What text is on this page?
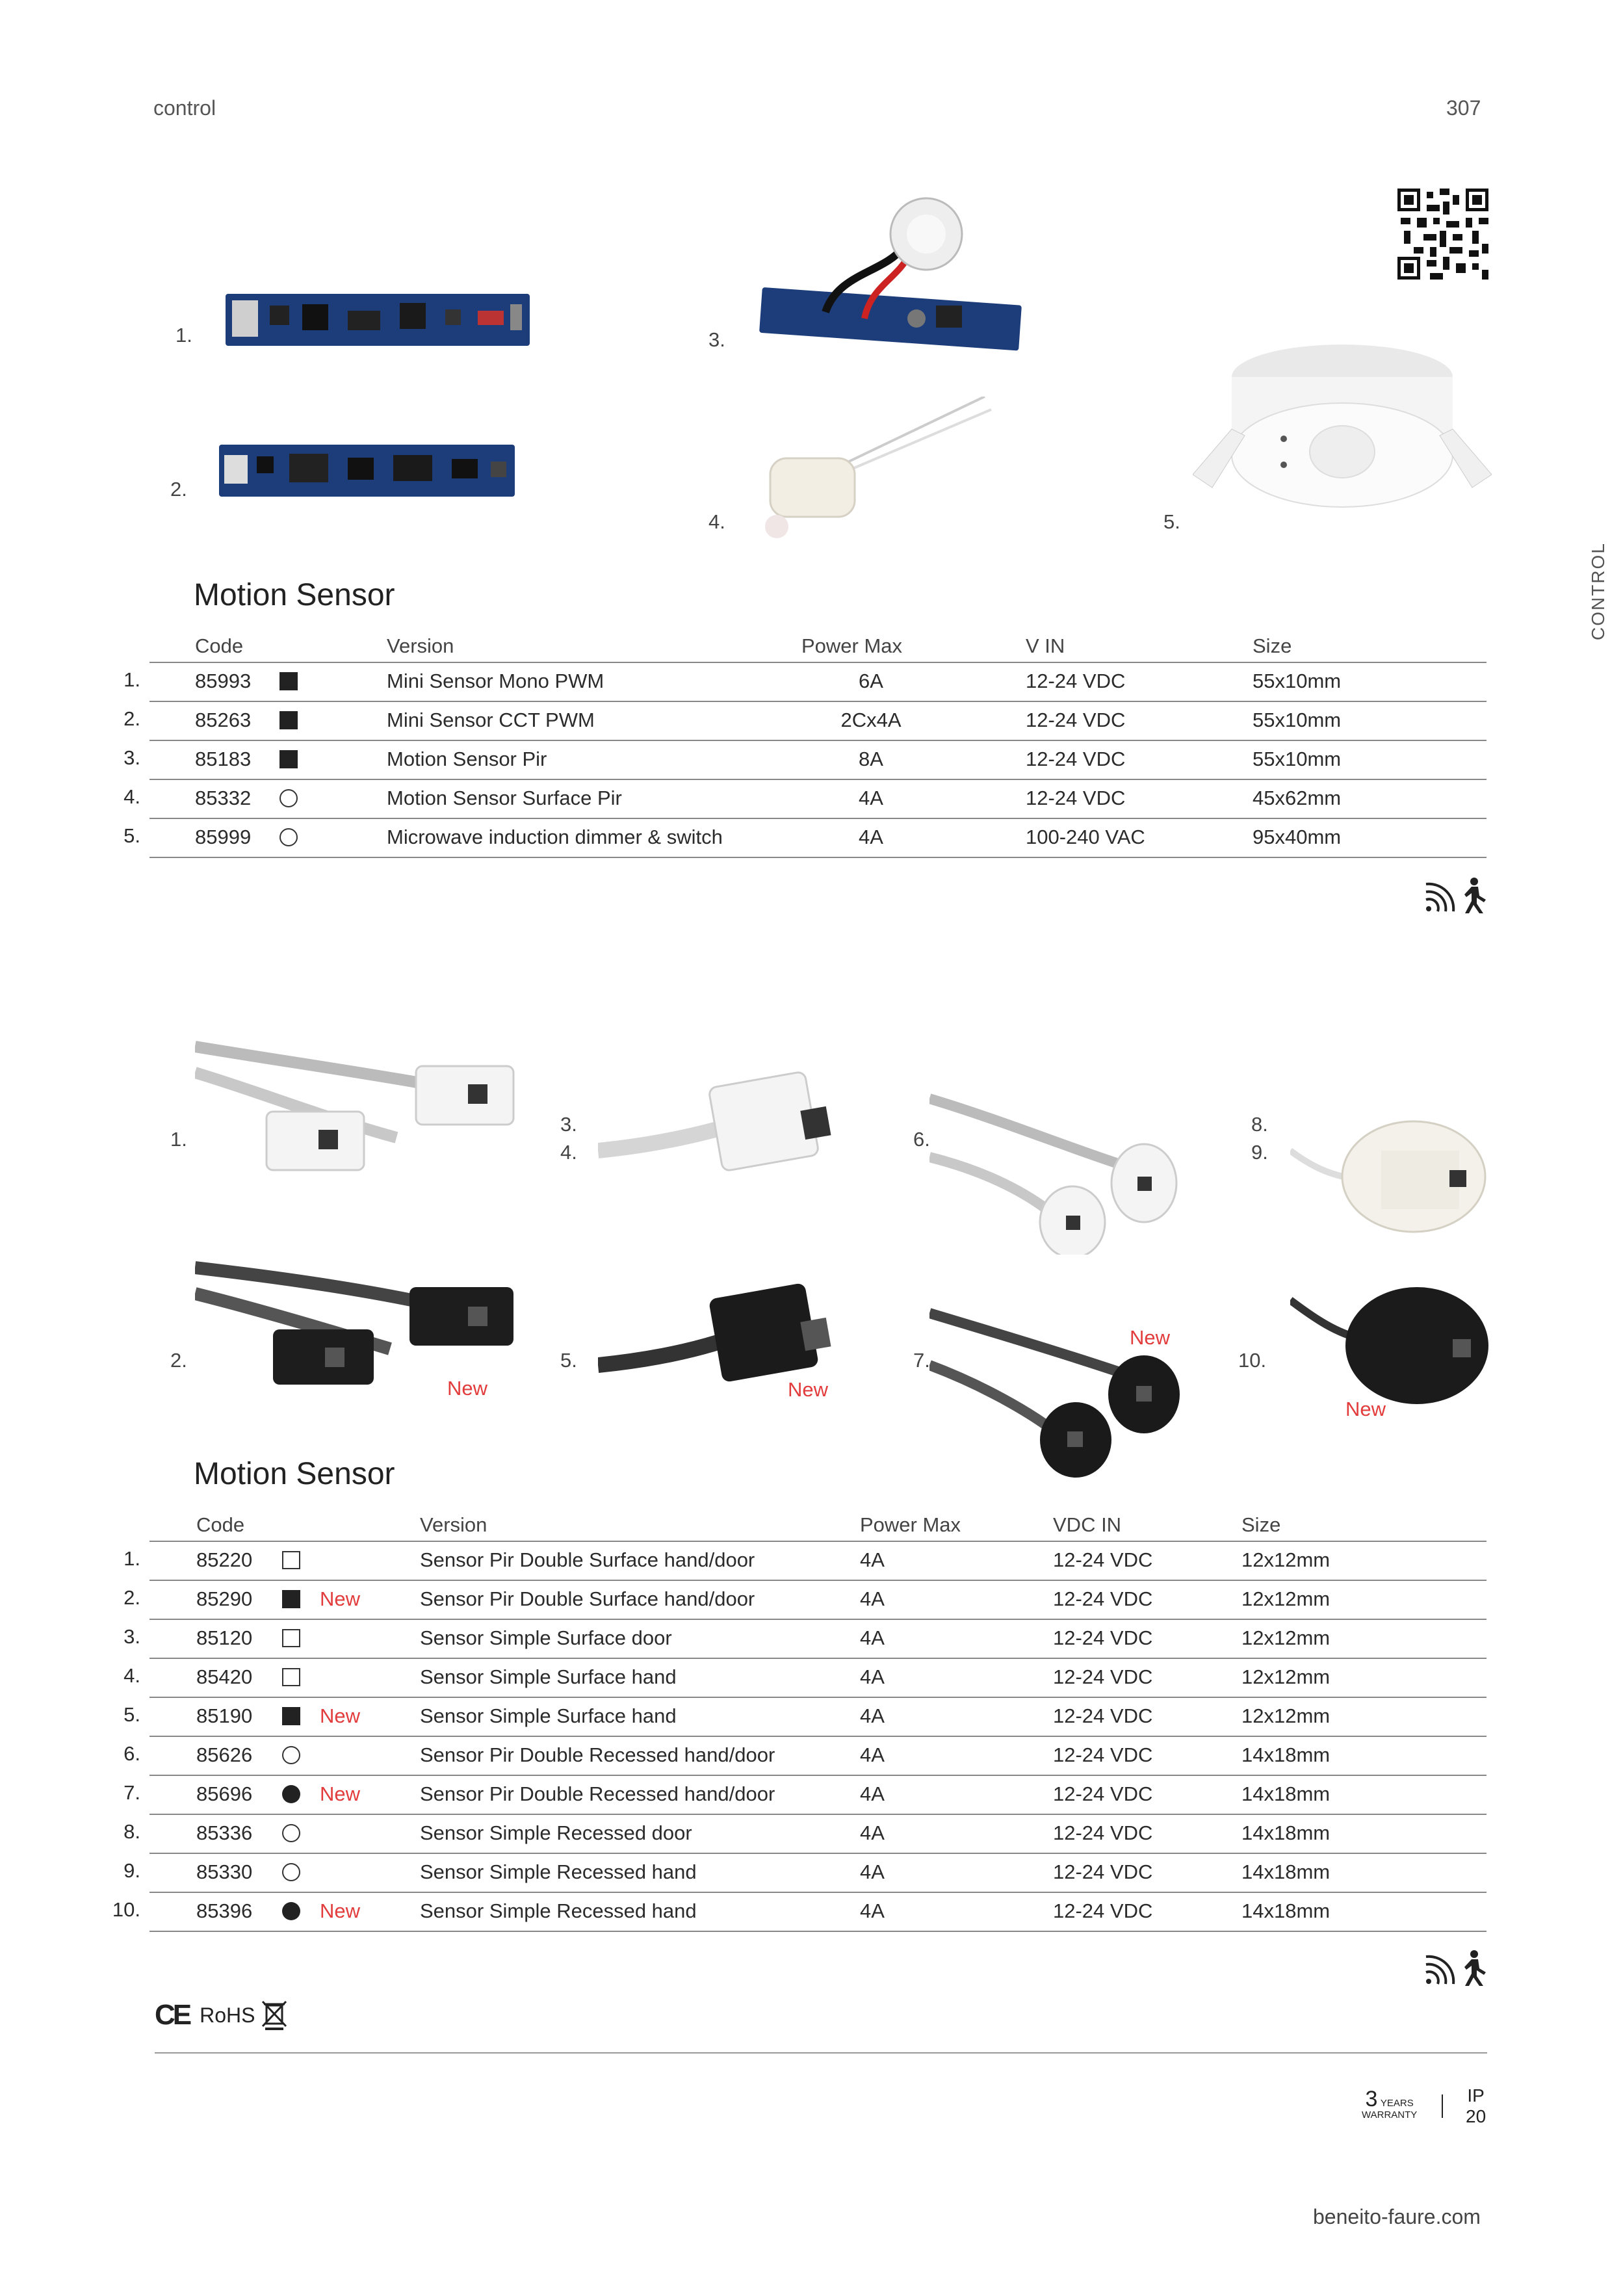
control	307
CONTROL
1.
2.
3.
4.	5.
Motion Sensor
Code	Version	Power Max	V IN	Size
1.	85993	Mini Sensor Mono PWM	6A	12-24 VDC	55x10mm
2.	85263	Mini Sensor CCT PWM	2Cx4A	12-24 VDC	55x10mm
3.	85183	Motion Sensor Pir	8A	12-24 VDC	55x10mm
4.	85332	Motion Sensor Surface Pir	4A	12-24 VDC	45x62mm
5.	85999	Microwave induction dimmer & switch	4A	100-240 VAC	95x40mm
1.
2.
New
3.
4.
5.
New
6.
7.
New
8.
9.
10.
New
Motion Sensor
Code	Version	Power Max	VDC IN	Size
1.	85220	Sensor Pir Double Surface hand/door	4A	12-24 VDC	12x12mm
2.	85290	New	Sensor Pir Double Surface hand/door	4A	12-24 VDC	12x12mm
3.	85120	Sensor Simple Surface door	4A	12-24 VDC	12x12mm
4.	85420	Sensor Simple Surface hand	4A	12-24 VDC	12x12mm
5.	85190	New	Sensor Simple Surface hand	4A	12-24 VDC	12x12mm
6.	85626	Sensor Pir Double Recessed hand/door	4A	12-24 VDC	14x18mm
7.	85696	New	Sensor Pir Double Recessed hand/door	4A	12-24 VDC	14x18mm
8.	85336	Sensor Simple Recessed door	4A	12-24 VDC	14x18mm
9.	85330	Sensor Simple Recessed hand	4A	12-24 VDC	14x18mm
10.	85396	New	Sensor Simple Recessed hand	4A	12-24 VDC	14x18mm
CE RoHS
3 YEARS
WARRANTY
IP
20
beneito-faure.com
